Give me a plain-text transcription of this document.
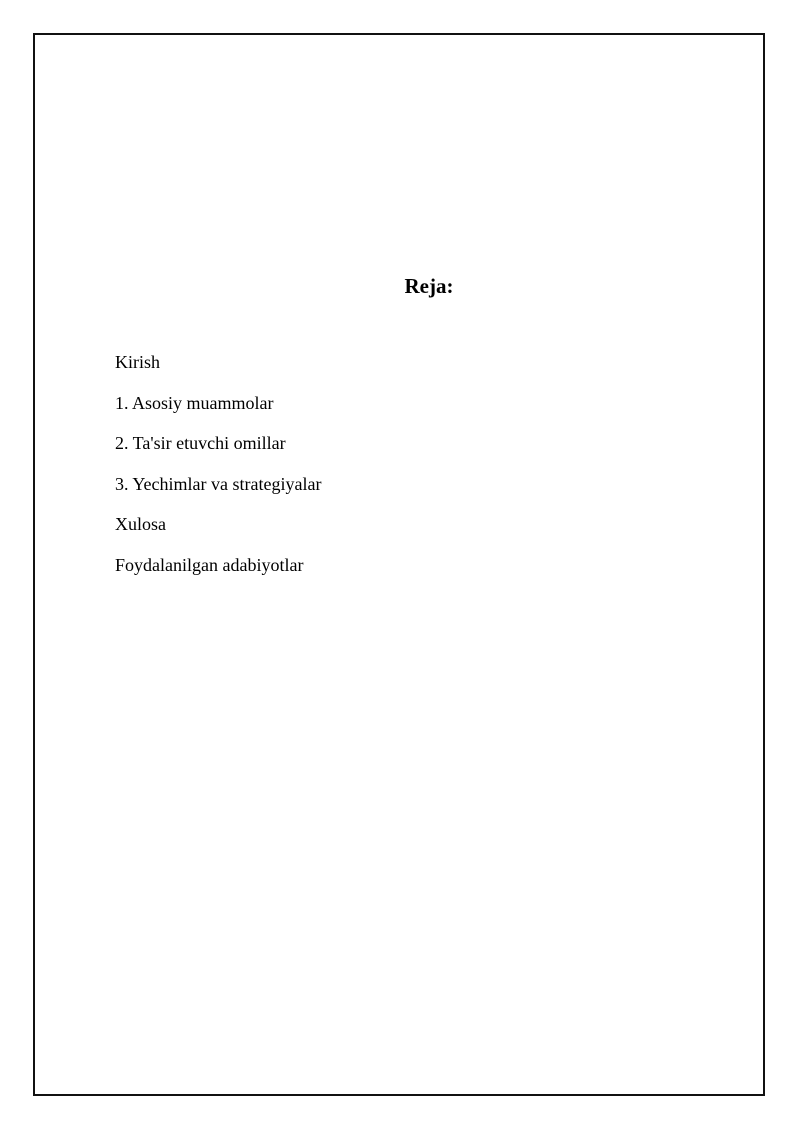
Reja:
Kirish
1. Asosiy muammolar
2. Ta'sir etuvchi omillar
3. Yechimlar va strategiyalar
Xulosa
Foydalanilgan adabiyotlar
